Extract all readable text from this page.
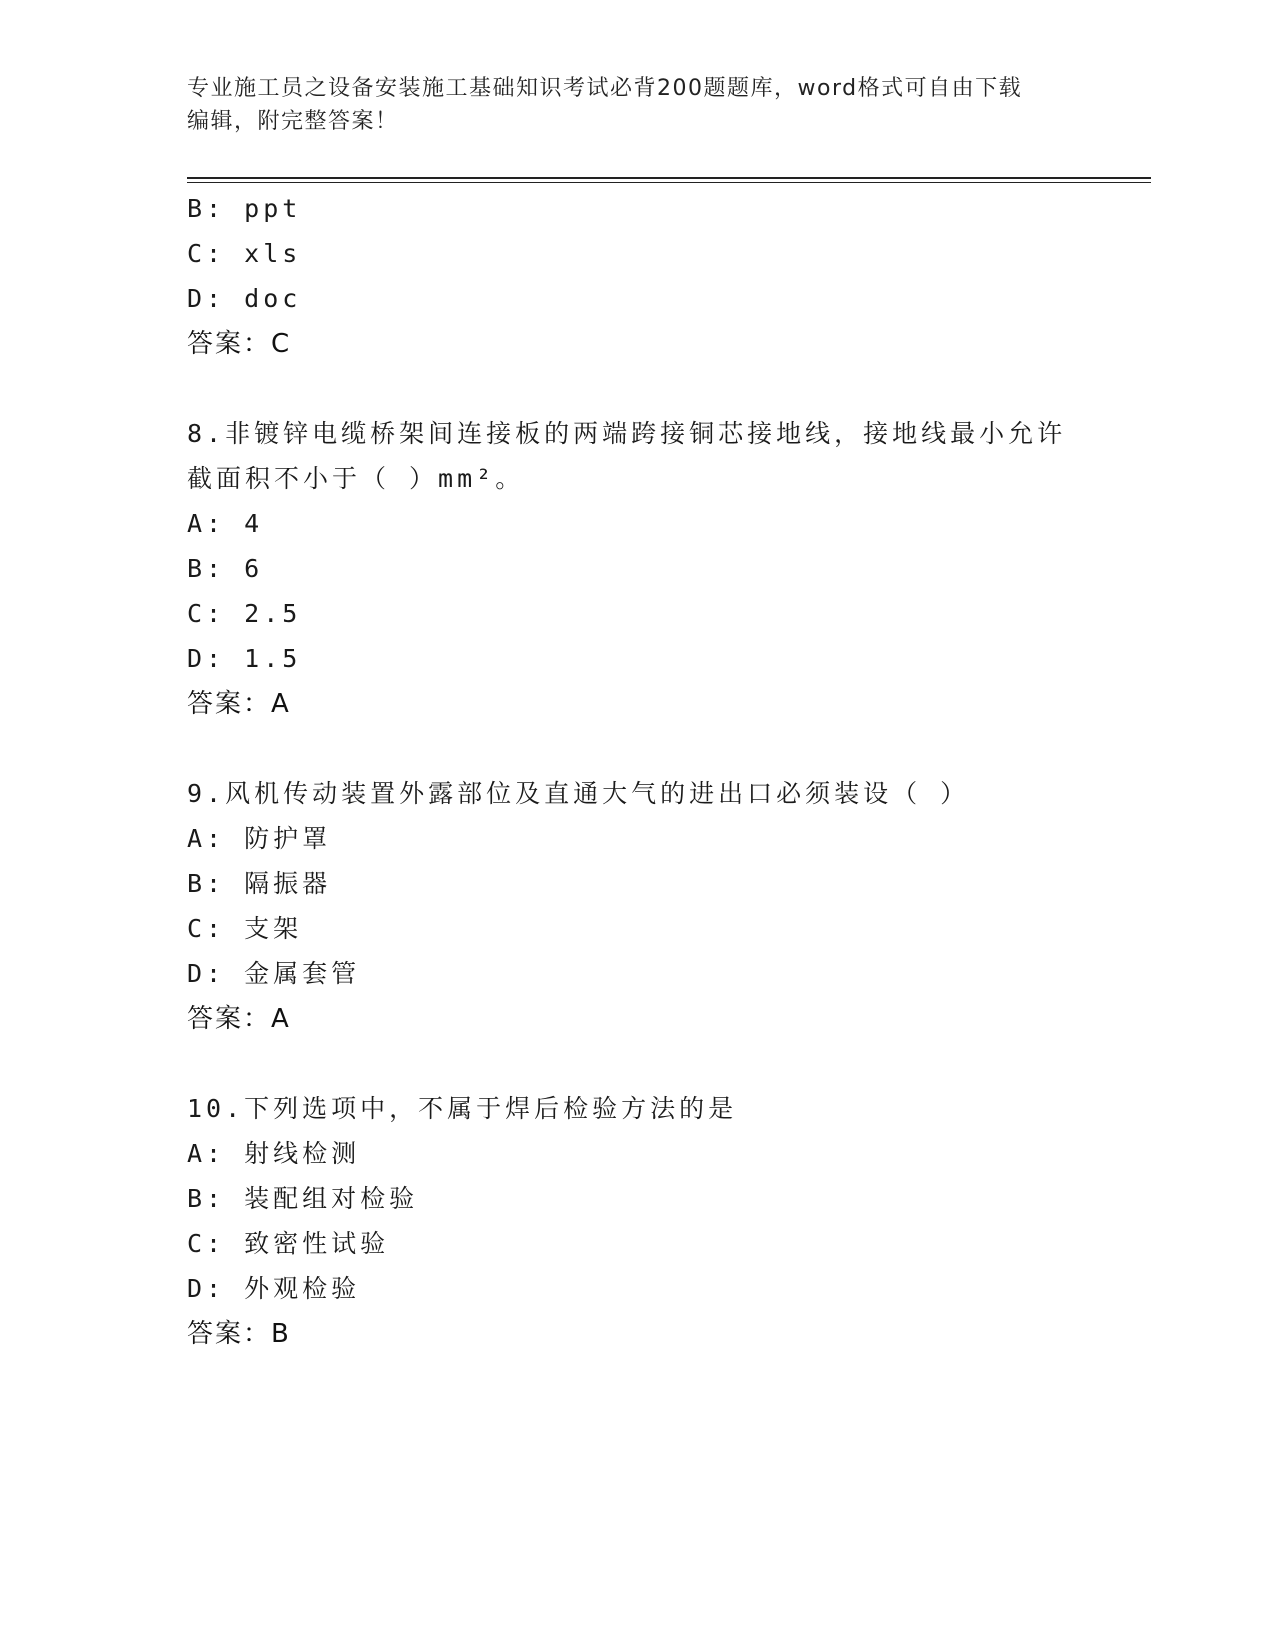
专业施工员之设备安装施工基础知识考试必背200题题库，word格式可自由下载
编辑，附完整答案！
B: ppt
C: xls
D: doc
答案：C
8.非镀锌电缆桥架间连接板的两端跨接铜芯接地线，接地线最小允许
截面积不小于（ ）mm²。
A: 4
B: 6
C: 2.5
D: 1.5
答案：A
9.风机传动装置外露部位及直通大气的进出口必须装设（ ）
A: 防护罩
B: 隔振器
C: 支架
D: 金属套管
答案：A
10.下列选项中，不属于焊后检验方法的是
A: 射线检测
B: 装配组对检验
C: 致密性试验
D: 外观检验
答案：B
